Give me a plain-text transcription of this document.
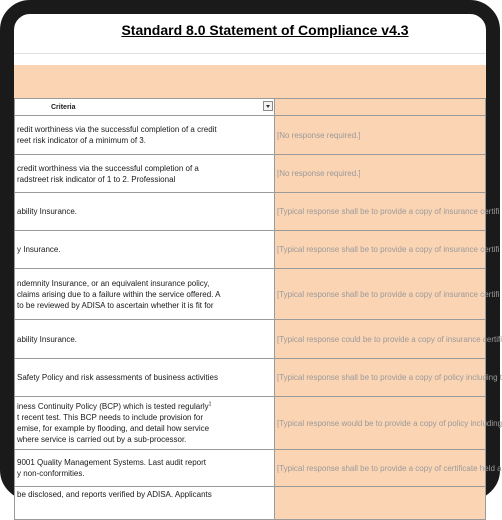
Standard 8.0 Statement of Compliance v4.3
Criteria

redit worthiness via the successful completion of a credit
reet risk indicator of a minimum of 3.	[No response required.]

credit worthiness via the successful completion of a
radstreet risk indicator of 1 to 2. Professional	[No response required.]

ability Insurance.	[Typical response shall be to provide a copy of insurance certifi

y Insurance.	[Typical response shall be to provide a copy of insurance certifi

ndemnity Insurance, or an equivalent insurance policy,
claims arising due to a failure within the service offered. A
to be reviewed by ADISA to ascertain whether it is fit for	[Typical response shall be to provide a copy of insurance certifi

ability Insurance.	[Typical response could be to provide a copy of insurance certifi

Safety Policy and risk assessments of business activities	[Typical response shall be to provide a copy of policy including t

iness Continuity Policy (BCP) which is tested regularly$^1$
t recent test. This BCP needs to include provision for
emise, for example by flooding, and detail how service
where service is carried out by a sub-processor.	[Typical response would be to provide a copy of policy including

9001 Quality Management Systems. Last audit report
y non-conformities.	[Typical response shall be to provide a copy of certificate held a

be disclosed, and reports verified by ADISA. Applicants	
